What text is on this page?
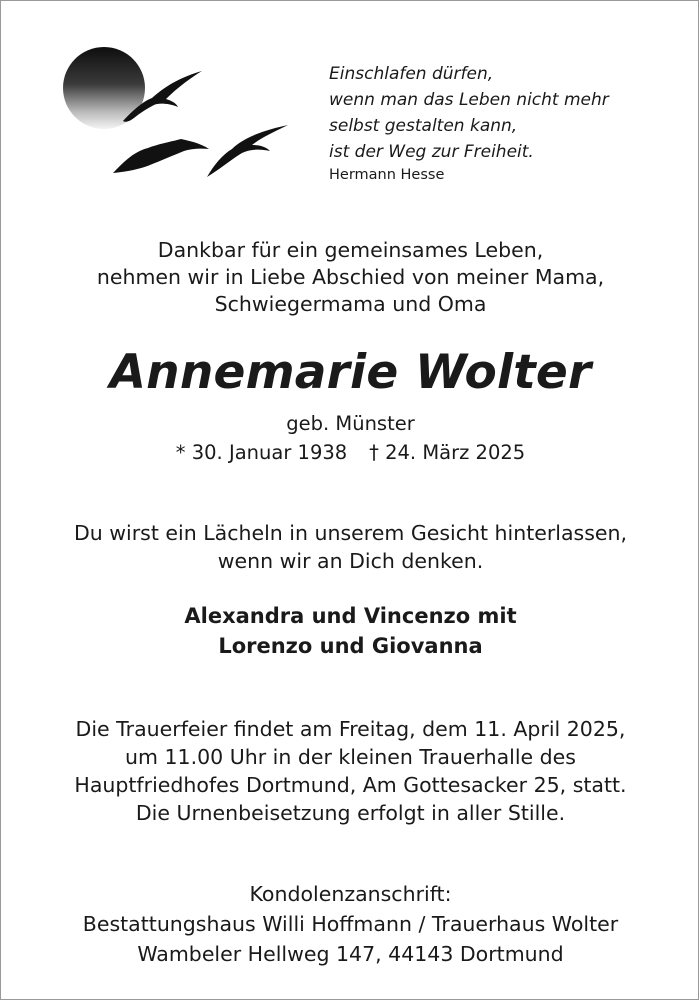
Einschlafen dürfen,
wenn man das Leben nicht mehr
selbst gestalten kann,
ist der Weg zur Freiheit.
Hermann Hesse
Dankbar für ein gemeinsames Leben,
nehmen wir in Liebe Abschied von meiner Mama,
Schwiegermama und Oma
Annemarie Wolter
geb. Münster
* 30. Januar 1938 † 24. März 2025
Du wirst ein Lächeln in unserem Gesicht hinterlassen,
wenn wir an Dich denken.
Alexandra und Vincenzo mit
Lorenzo und Giovanna
Die Trauerfeier findet am Freitag, dem 11. April 2025,
um 11.00 Uhr in der kleinen Trauerhalle des
Hauptfriedhofes Dortmund, Am Gottesacker 25, statt.
Die Urnenbeisetzung erfolgt in aller Stille.
Kondolenzanschrift:
Bestattungshaus Willi Hoffmann / Trauerhaus Wolter
Wambeler Hellweg 147, 44143 Dortmund
